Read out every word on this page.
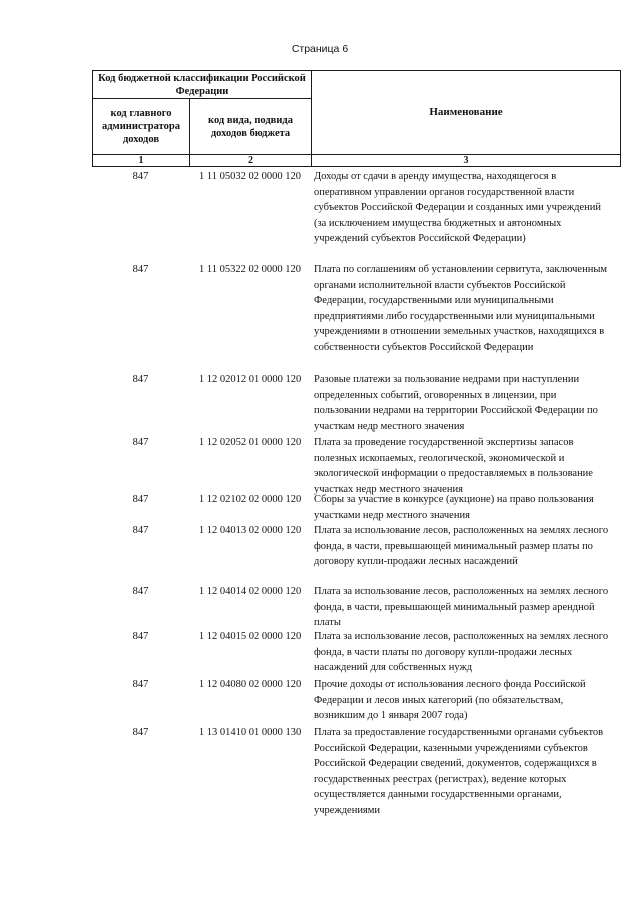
Страница 6
Код бюджетной классификации Российской Федерации		Наименование
код главного администратора доходов	код вида, подвида доходов бюджета	
1	2	3
847	1 11 05032 02 0000 120	Доходы от сдачи в аренду имущества, находящегося в оперативном управлении органов государственной власти субъектов Российской Федерации и созданных ими учреждений (за исключением имущества бюджетных и автономных учреждений субъектов Российской Федерации)
847	1 11 05322 02 0000 120	Плата по соглашениям об установлении сервитута, заключенным органами исполнительной власти субъектов Российской Федерации, государственными или муниципальными предприятиями либо государственными или муниципальными учреждениями в отношении земельных участков, находящихся в собственности субъектов Российской Федерации
847	1 12 02012 01 0000 120	Разовые платежи за пользование недрами при наступлении определенных событий, оговоренных в лицензии, при пользовании недрами на территории Российской Федерации по участкам недр местного значения
847	1 12 02052 01 0000 120	Плата за проведение государственной экспертизы запасов полезных ископаемых, геологической, экономической и экологической информации о предоставляемых в пользование участках недр местного значения
847	1 12 02102 02 0000 120	Сборы за участие в конкурсе (аукционе) на право пользования участками недр местного значения
847	1 12 04013 02 0000 120	Плата за использование лесов, расположенных на землях лесного фонда, в части, превышающей минимальный размер платы по договору купли-продажи лесных насаждений
847	1 12 04014 02 0000 120	Плата за использование лесов, расположенных на землях лесного фонда, в части, превышающей минимальный размер арендной платы
847	1 12 04015 02 0000 120	Плата за использование лесов, расположенных на землях лесного фонда, в части платы по договору купли-продажи лесных насаждений для собственных нужд
847	1 12 04080 02 0000 120	Прочие доходы от использования лесного фонда Российской Федерации и лесов иных категорий (по обязательствам, возникшим до 1 января 2007 года)
847	1 13 01410 01 0000 130	Плата за предоставление государственными органами субъектов Российской Федерации, казенными учреждениями субъектов Российской Федерации сведений, документов, содержащихся в государственных реестрах (регистрах), ведение которых осуществляется данными государственными органами, учреждениями
